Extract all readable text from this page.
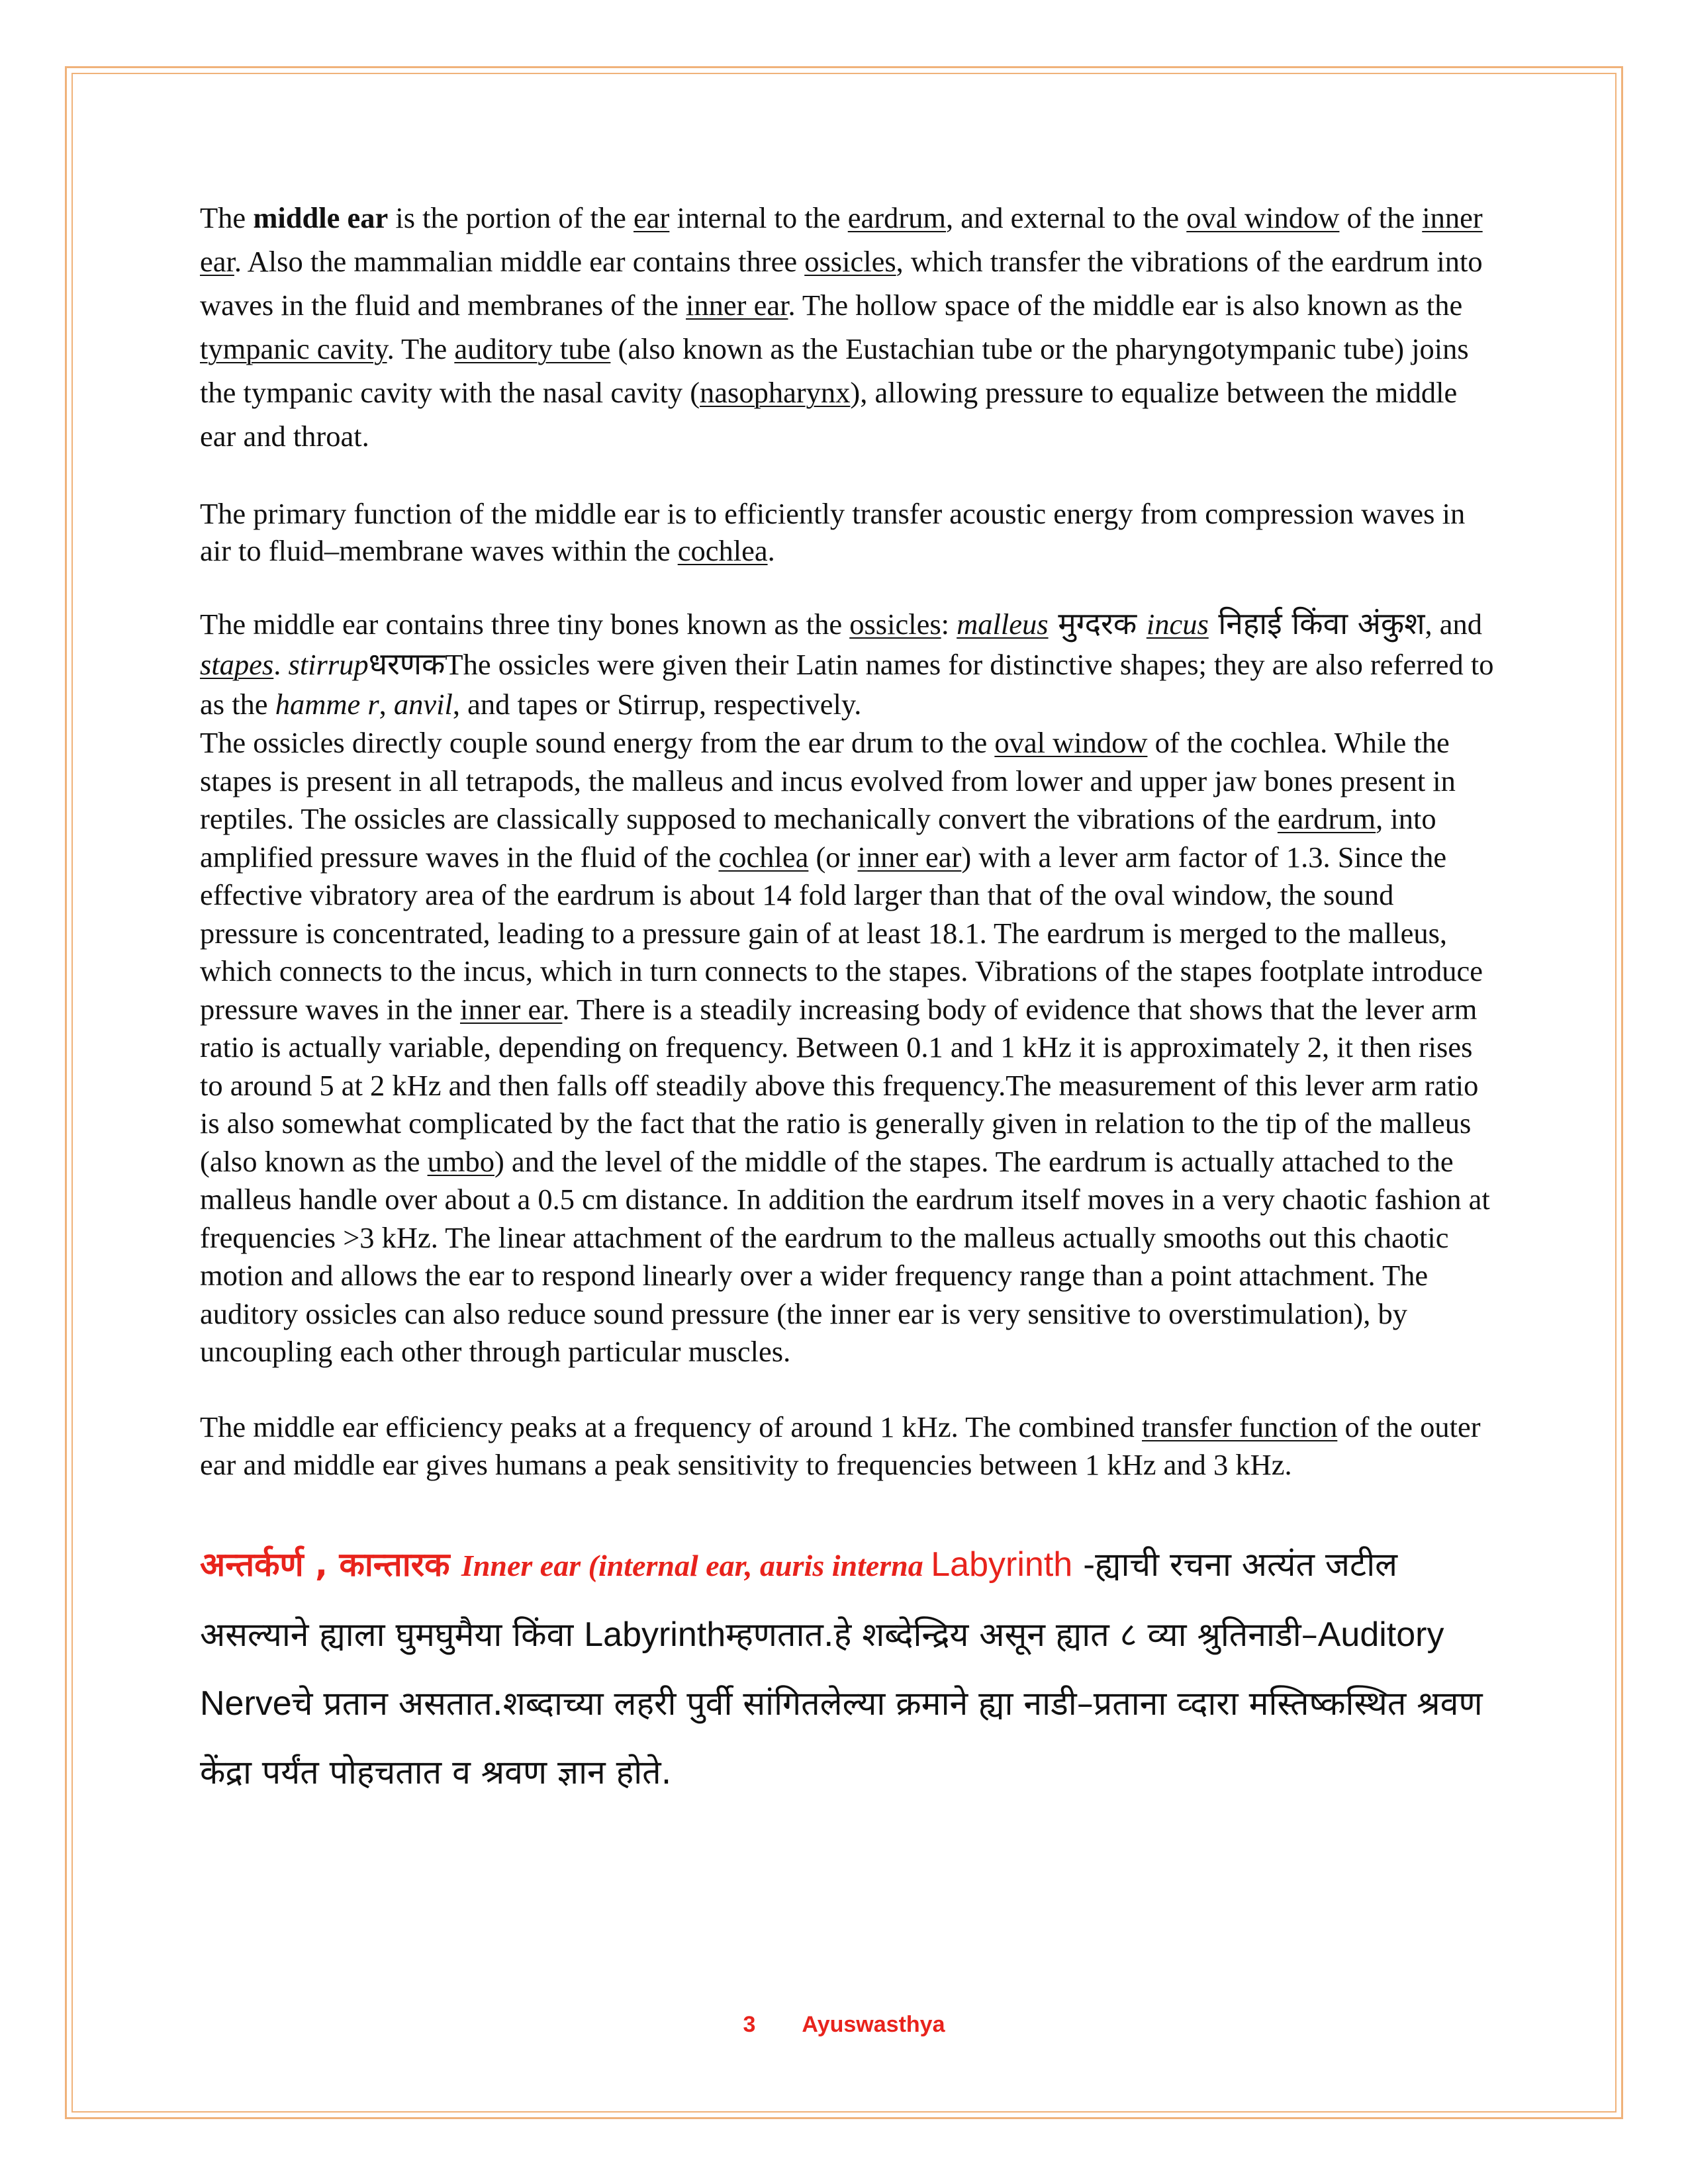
The middle ear is the portion of the ear internal to the eardrum, and external to the oval window of the inner ear. Also the mammalian middle ear contains three ossicles, which transfer the vibrations of the eardrum into waves in the fluid and membranes of the inner ear. The hollow space of the middle ear is also known as the tympanic cavity. The auditory tube (also known as the Eustachian tube or the pharyngotympanic tube) joins the tympanic cavity with the nasal cavity (nasopharynx), allowing pressure to equalize between the middle ear and throat.

The primary function of the middle ear is to efficiently transfer acoustic energy from compression waves in air to fluid–membrane waves within the cochlea.

The middle ear contains three tiny bones known as the ossicles: malleus मुग्दरक incus निहाई किंवा अंकुश, and stapes. stirrupधरणकThe ossicles were given their Latin names for distinctive shapes; they are also referred to as the hamme r, anvil, and tapes or Stirrup, respectively.

The ossicles directly couple sound energy from the ear drum to the oval window of the cochlea. While the stapes is present in all tetrapods, the malleus and incus evolved from lower and upper jaw bones present in reptiles. The ossicles are classically supposed to mechanically convert the vibrations of the eardrum, into amplified pressure waves in the fluid of the cochlea (or inner ear) with a lever arm factor of 1.3. Since the effective vibratory area of the eardrum is about 14 fold larger than that of the oval window, the sound pressure is concentrated, leading to a pressure gain of at least 18.1. The eardrum is merged to the malleus, which connects to the incus, which in turn connects to the stapes. Vibrations of the stapes footplate introduce pressure waves in the inner ear. There is a steadily increasing body of evidence that shows that the lever arm ratio is actually variable, depending on frequency. Between 0.1 and 1 kHz it is approximately 2, it then rises to around 5 at 2 kHz and then falls off steadily above this frequency.The measurement of this lever arm ratio is also somewhat complicated by the fact that the ratio is generally given in relation to the tip of the malleus (also known as the umbo) and the level of the middle of the stapes. The eardrum is actually attached to the malleus handle over about a 0.5 cm distance. In addition the eardrum itself moves in a very chaotic fashion at frequencies >3 kHz. The linear attachment of the eardrum to the malleus actually smooths out this chaotic motion and allows the ear to respond linearly over a wider frequency range than a point attachment. The auditory ossicles can also reduce sound pressure (the inner ear is very sensitive to overstimulation), by uncoupling each other through particular muscles.

The middle ear efficiency peaks at a frequency of around 1 kHz. The combined transfer function of the outer ear and middle ear gives humans a peak sensitivity to frequencies between 1 kHz and 3 kHz.

अन्तर्कर्ण , कान्तारक Inner ear (internal ear, auris interna Labyrinth -ह्याची रचना अत्यंत जटील असल्याने ह्याला घुमघुमैया किंवा Labyrinthम्हणतात.हे शब्देन्द्रिय असून ह्यात ८ व्या श्रुतिनाडी–Auditory Nerveचे प्रतान असतात.शब्दाच्या लहरी पुर्वी सांगितलेल्या क्रमाने ह्या नाडी–प्रताना व्दारा मस्तिष्कस्थित श्रवण केंद्रा पर्यंत पोहचतात व श्रवण ज्ञान होते.

3 Ayuswasthya
